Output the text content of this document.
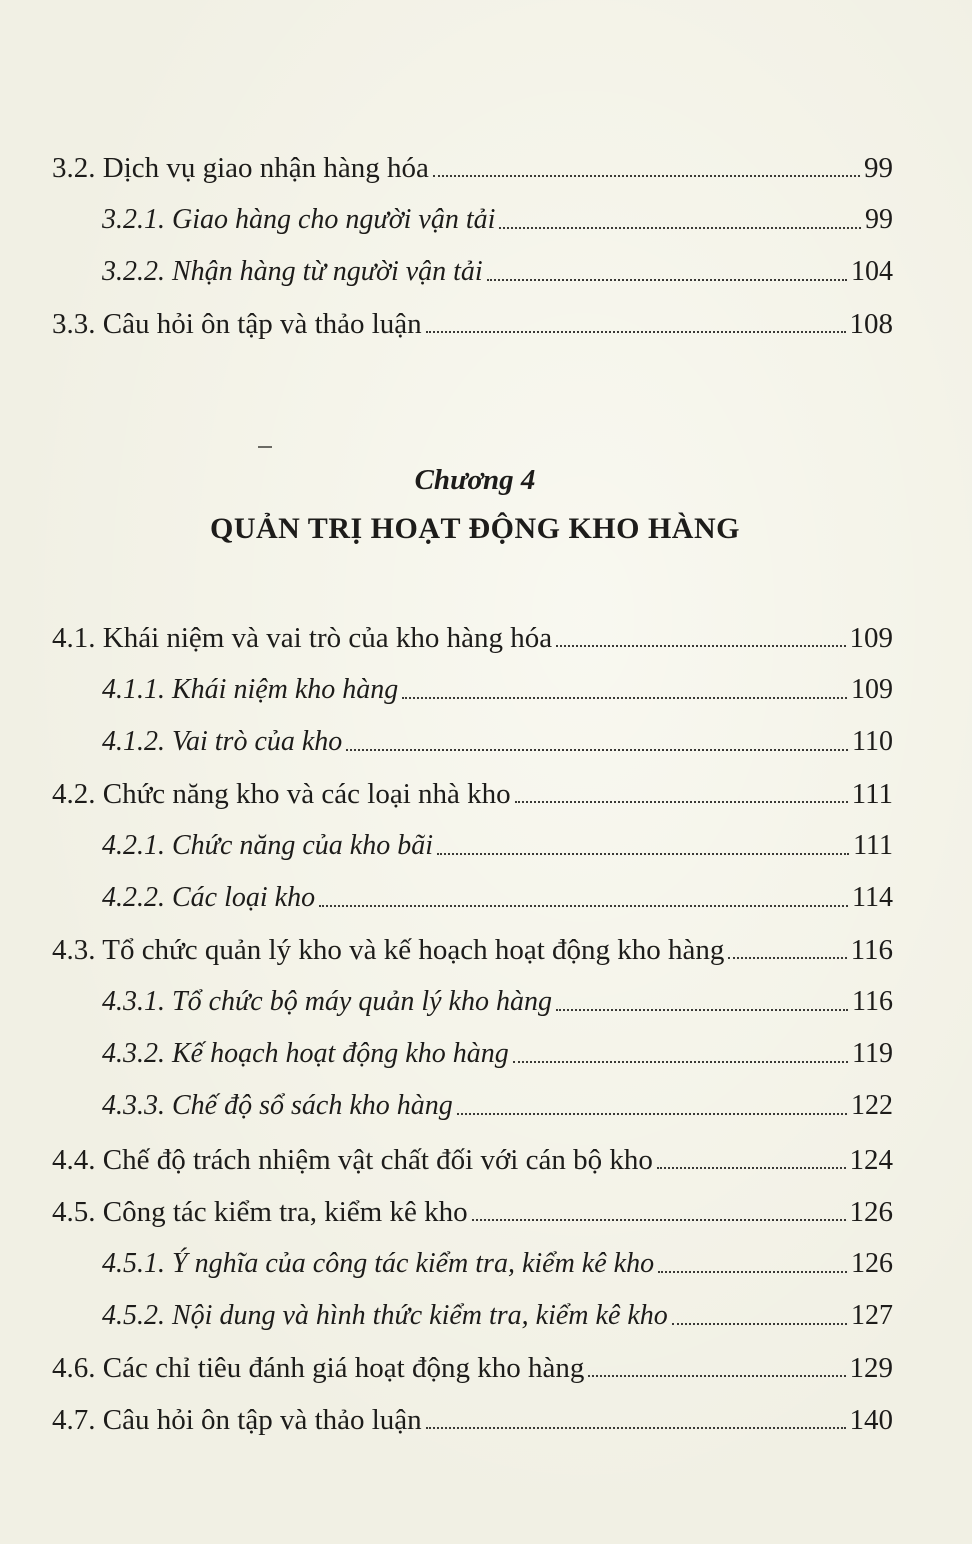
3.2. Dịch vụ giao nhận hàng hóa	99
3.2.1. Giao hàng cho người vận tải	99
3.2.2. Nhận hàng từ người vận tải	104
3.3. Câu hỏi ôn tập và thảo luận	108
4.1. Khái niệm và vai trò của kho hàng hóa	109
4.1.1. Khái niệm kho hàng	109
4.1.2. Vai trò của kho	110
4.2. Chức năng kho và các loại nhà kho	111
4.2.1. Chức năng của kho bãi	111
4.2.2. Các loại kho	114
4.3. Tổ chức quản lý kho và kế hoạch hoạt động kho hàng	116
4.3.1. Tổ chức bộ máy quản lý kho hàng	116
4.3.2. Kế hoạch hoạt động kho hàng	119
4.3.3. Chế độ sổ sách kho hàng	122
4.4. Chế độ trách nhiệm vật chất đối với cán bộ kho	124
4.5. Công tác kiểm tra, kiểm kê kho	126
4.5.1. Ý nghĩa của công tác kiểm tra, kiểm kê kho	126
4.5.2. Nội dung và hình thức kiểm tra, kiểm kê kho	127
4.6. Các chỉ tiêu đánh giá hoạt động kho hàng	129
4.7. Câu hỏi ôn tập và thảo luận	140
Chương 4
QUẢN TRỊ HOẠT ĐỘNG KHO HÀNG
